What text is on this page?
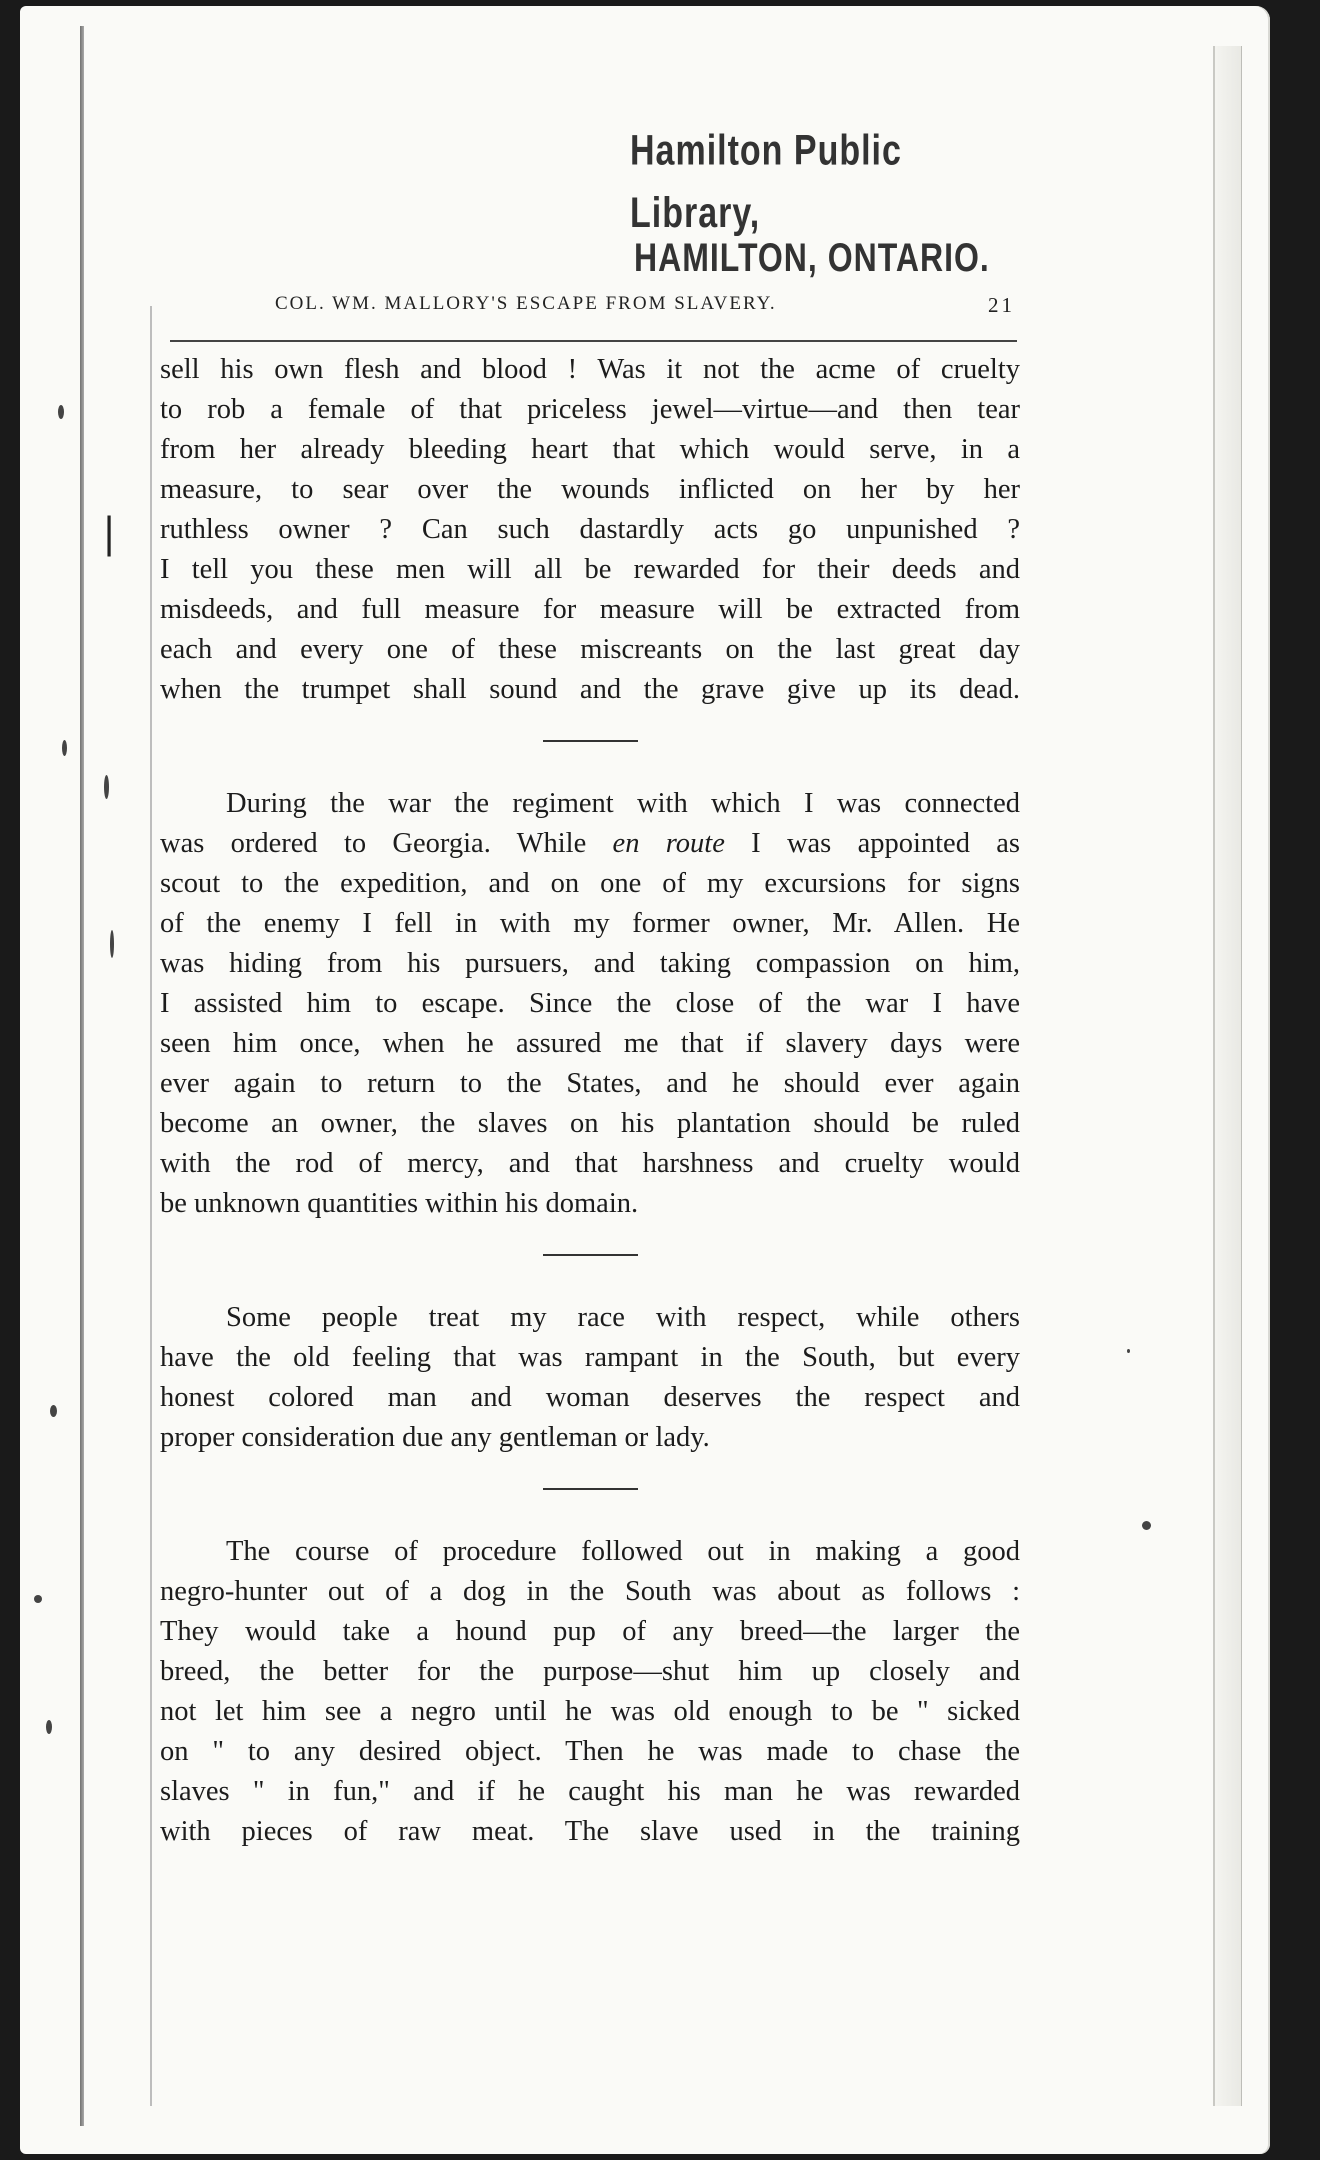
|
Hamilton Public Library,
HAMILTON, ONTARIO.
COL. WM. MALLORY'S ESCAPE FROM SLAVERY.	21
sell his own flesh and blood ! Was it not the acme of cruelty
to rob a female of that priceless jewel—virtue—and then tear
from her already bleeding heart that which would serve, in a
measure, to sear over the wounds inflicted on her by her
ruthless owner ? Can such dastardly acts go unpunished ?
I tell you these men will all be rewarded for their deeds and
misdeeds, and full measure for measure will be extracted from
each and every one of these miscreants on the last great day
when the trumpet shall sound and the grave give up its dead.
During the war the regiment with which I was connected
was ordered to Georgia. While en route I was appointed as
scout to the expedition, and on one of my excursions for signs
of the enemy I fell in with my former owner, Mr. Allen. He
was hiding from his pursuers, and taking compassion on him,
I assisted him to escape. Since the close of the war I have
seen him once, when he assured me that if slavery days were
ever again to return to the States, and he should ever again
become an owner, the slaves on his plantation should be ruled
with the rod of mercy, and that harshness and cruelty would
be unknown quantities within his domain.
Some people treat my race with respect, while others
have the old feeling that was rampant in the South, but every
honest colored man and woman deserves the respect and
proper consideration due any gentleman or lady.
The course of procedure followed out in making a good
negro-hunter out of a dog in the South was about as follows :
They would take a hound pup of any breed—the larger the
breed, the better for the purpose—shut him up closely and
not let him see a negro until he was old enough to be " sicked
on " to any desired object. Then he was made to chase the
slaves " in fun," and if he caught his man he was rewarded
with pieces of raw meat. The slave used in the training
